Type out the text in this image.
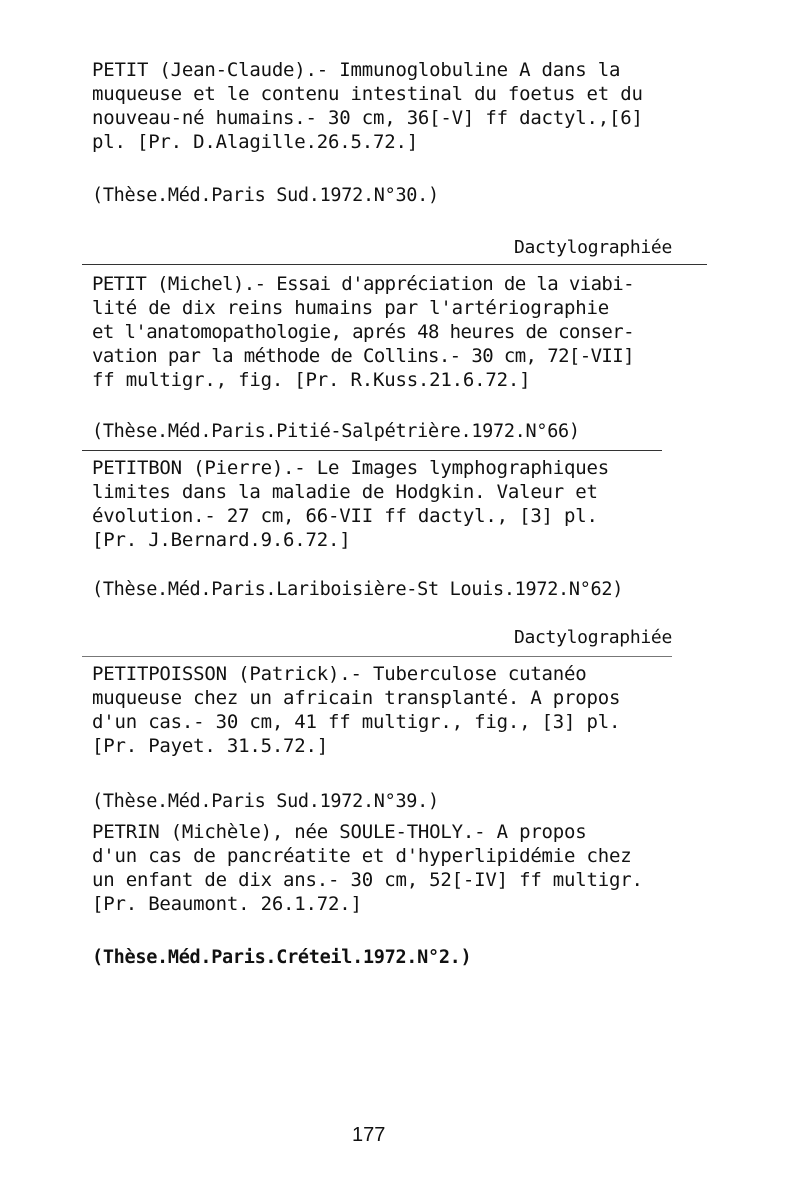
PETIT (Jean-Claude).- Immunoglobuline A dans la
muqueuse et le contenu intestinal du foetus et du
nouveau-né humains.- 30 cm, 36[-V] ff dactyl.,[6]
pl. [Pr. D.Alagille.26.5.72.]
(Thèse.Méd.Paris Sud.1972.N°30.)
Dactylographiée
PETIT (Michel).- Essai d'appréciation de la viabi-
lité de dix reins humains par l'artériographie
et l'anatomopathologie, aprés 48 heures de conser-
vation par la méthode de Collins.- 30 cm, 72[-VII]
ff multigr., fig. [Pr. R.Kuss.21.6.72.]
(Thèse.Méd.Paris.Pitié-Salpétrière.1972.N°66)
PETITBON (Pierre).- Le Images lymphographiques
limites dans la maladie de Hodgkin. Valeur et
évolution.- 27 cm, 66-VII ff dactyl., [3] pl.
[Pr. J.Bernard.9.6.72.]
(Thèse.Méd.Paris.Lariboisière-St Louis.1972.N°62)
Dactylographiée
PETITPOISSON (Patrick).- Tuberculose cutanéo
muqueuse chez un africain transplanté. A propos
d'un cas.- 30 cm, 41 ff multigr., fig., [3] pl.
[Pr. Payet. 31.5.72.]
(Thèse.Méd.Paris Sud.1972.N°39.)
PETRIN (Michèle), née SOULE-THOLY.- A propos
d'un cas de pancréatite et d'hyperlipidémie chez
un enfant de dix ans.- 30 cm, 52[-IV] ff multigr.
[Pr. Beaumont. 26.1.72.]
(Thèse.Méd.Paris.Créteil.1972.N°2.)
177
